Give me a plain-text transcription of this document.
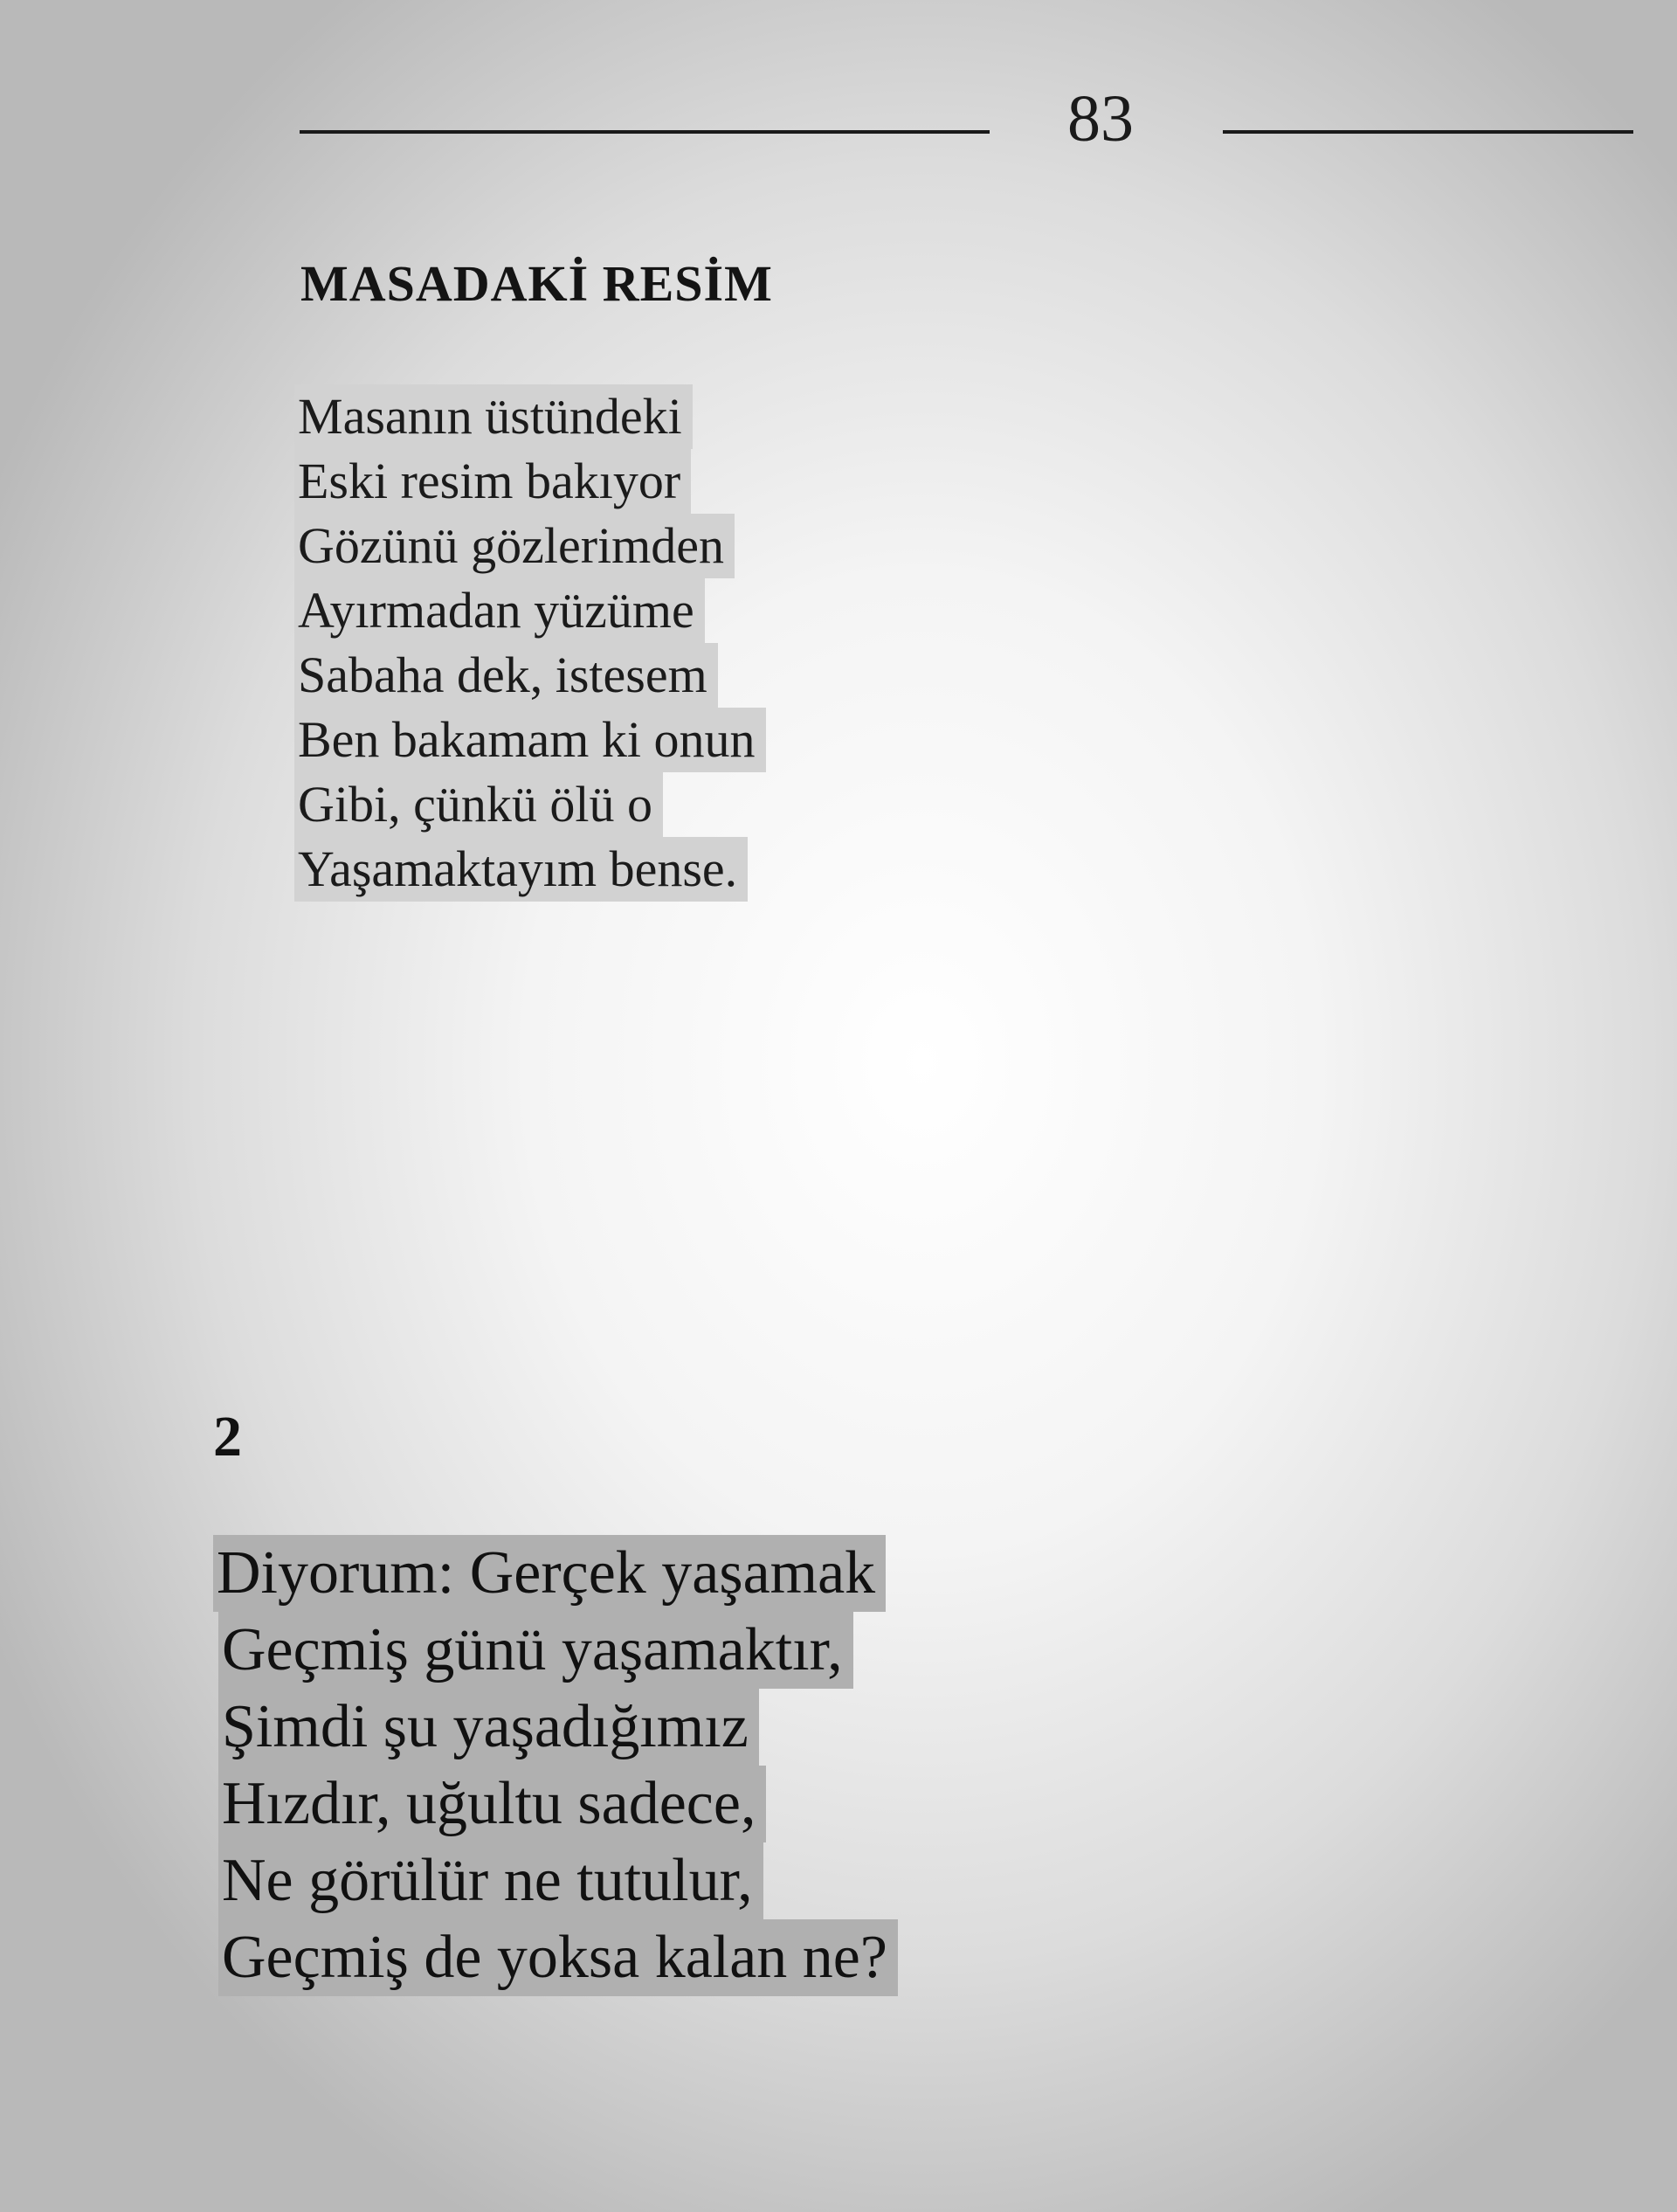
83
MASADAKİ RESİM
Masanın üstündeki
Eski resim bakıyor
Gözünü gözlerimden
Ayırmadan yüzüme
Sabaha dek, istesem
Ben bakamam ki onun
Gibi, çünkü ölü o
Yaşamaktayım bense.
2
Diyorum: Gerçek yaşamak
Geçmiş günü yaşamaktır,
Şimdi şu yaşadığımız
Hızdır, uğultu sadece,
Ne görülür ne tutulur,
Geçmiş de yoksa kalan ne?
